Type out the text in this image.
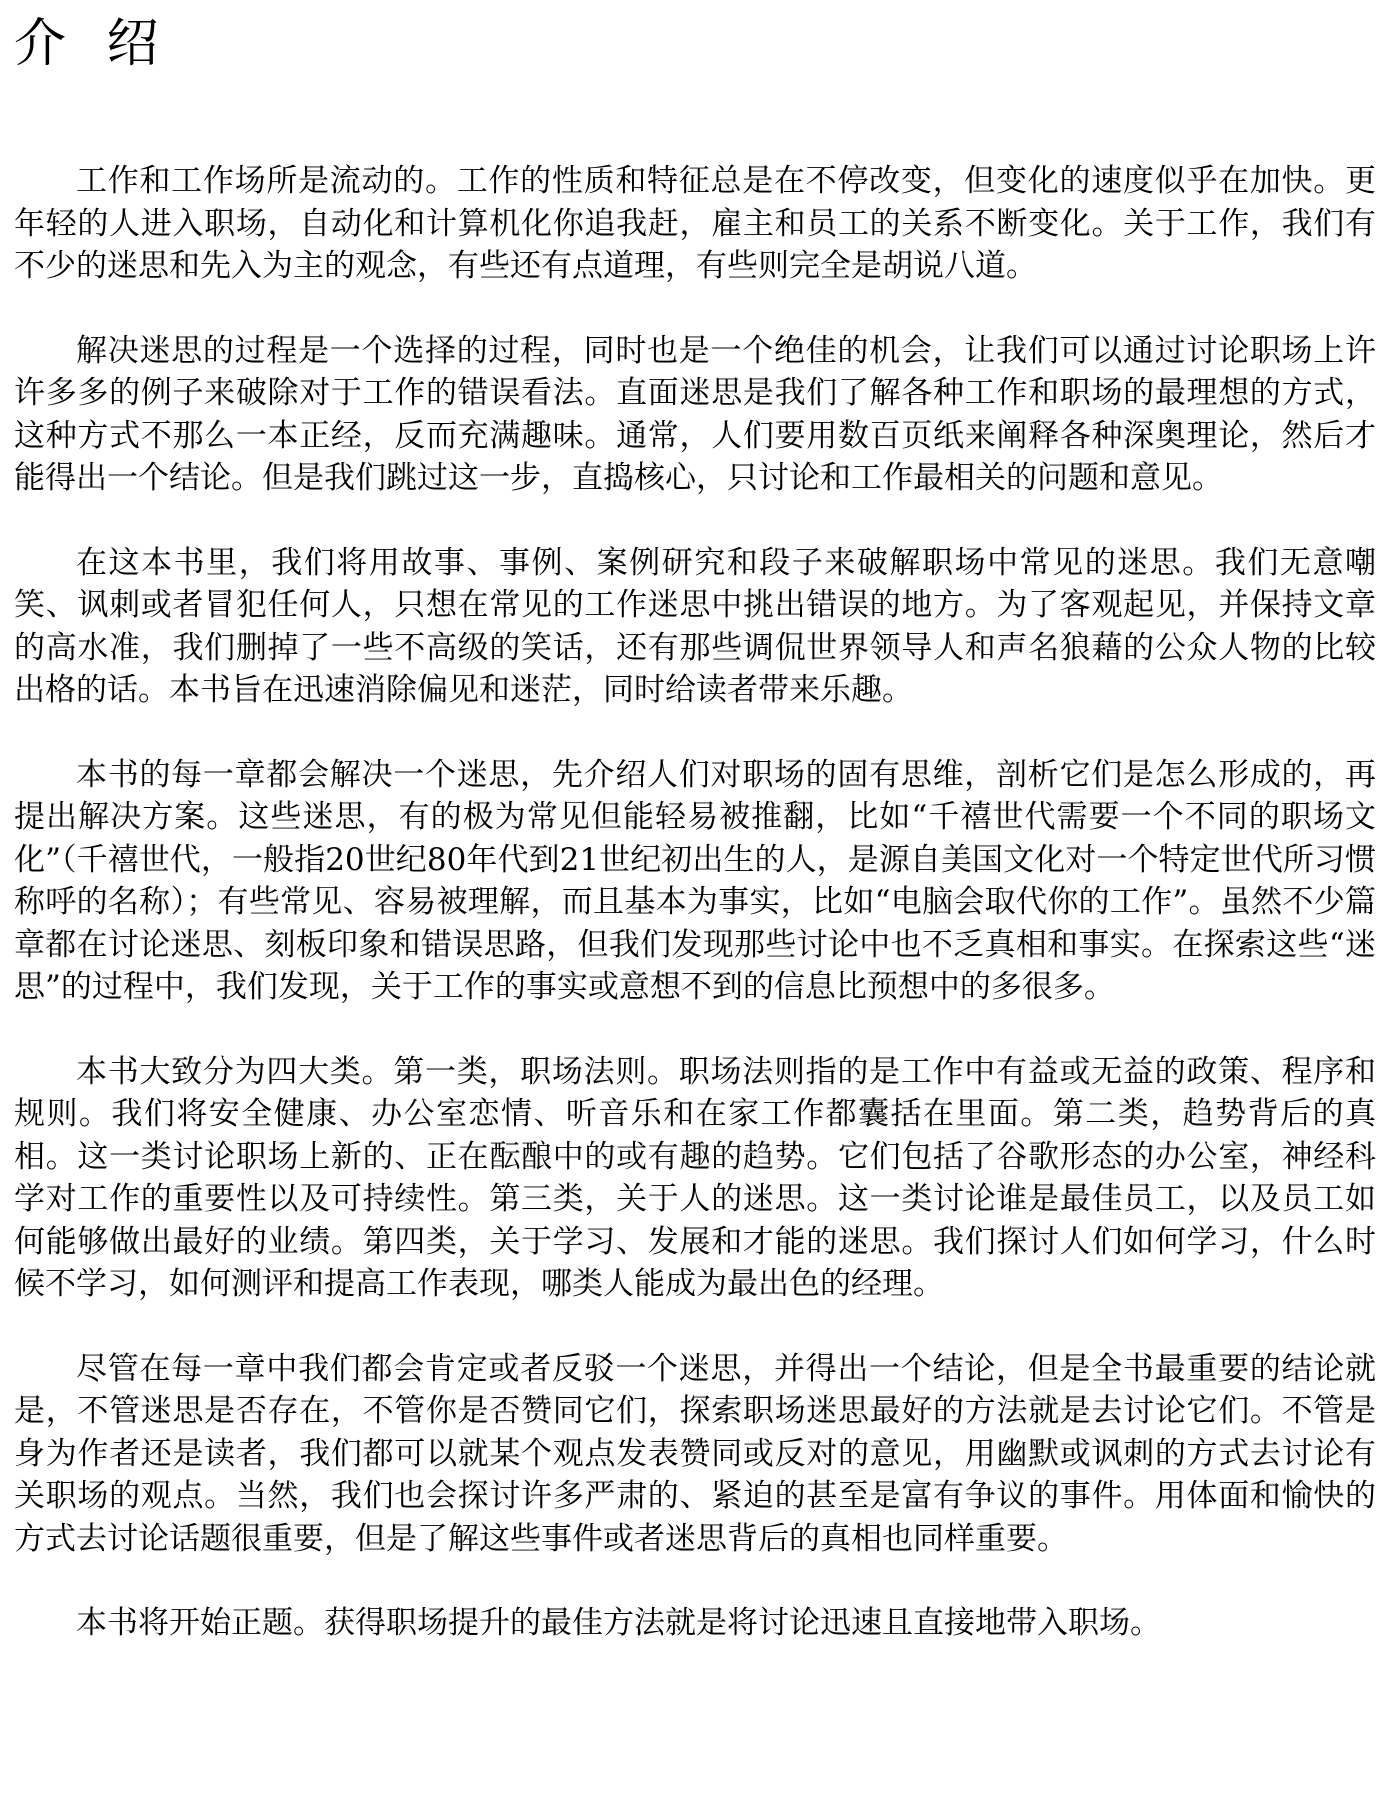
介 绍

工作和工作场所是流动的。工作的性质和特征总是在不停改变，但变化的速度似乎在加快。更年轻的人进入职场，自动化和计算机化你追我赶，雇主和员工的关系不断变化。关于工作，我们有不少的迷思和先入为主的观念，有些还有点道理，有些则完全是胡说八道。

解决迷思的过程是一个选择的过程，同时也是一个绝佳的机会，让我们可以通过讨论职场上许许多多的例子来破除对于工作的错误看法。直面迷思是我们了解各种工作和职场的最理想的方式，这种方式不那么一本正经，反而充满趣味。通常，人们要用数百页纸来阐释各种深奥理论，然后才能得出一个结论。但是我们跳过这一步，直捣核心，只讨论和工作最相关的问题和意见。

在这本书里，我们将用故事、事例、案例研究和段子来破解职场中常见的迷思。我们无意嘲笑、讽刺或者冒犯任何人，只想在常见的工作迷思中挑出错误的地方。为了客观起见，并保持文章的高水准，我们删掉了一些不高级的笑话，还有那些调侃世界领导人和声名狼藉的公众人物的比较出格的话。本书旨在迅速消除偏见和迷茫，同时给读者带来乐趣。

本书的每一章都会解决一个迷思，先介绍人们对职场的固有思维，剖析它们是怎么形成的，再提出解决方案。这些迷思，有的极为常见但能轻易被推翻，比如“千禧世代需要一个不同的职场文化”（千禧世代，一般指20世纪80年代到21世纪初出生的人，是源自美国文化对一个特定世代所习惯称呼的名称）；有些常见、容易被理解，而且基本为事实，比如“电脑会取代你的工作”。虽然不少篇章都在讨论迷思、刻板印象和错误思路，但我们发现那些讨论中也不乏真相和事实。在探索这些“迷思”的过程中，我们发现，关于工作的事实或意想不到的信息比预想中的多很多。

本书大致分为四大类。第一类，职场法则。职场法则指的是工作中有益或无益的政策、程序和规则。我们将安全健康、办公室恋情、听音乐和在家工作都囊括在里面。第二类，趋势背后的真相。这一类讨论职场上新的、正在酝酿中的或有趣的趋势。它们包括了谷歌形态的办公室，神经科学对工作的重要性以及可持续性。第三类，关于人的迷思。这一类讨论谁是最佳员工，以及员工如何能够做出最好的业绩。第四类，关于学习、发展和才能的迷思。我们探讨人们如何学习，什么时候不学习，如何测评和提高工作表现，哪类人能成为最出色的经理。

尽管在每一章中我们都会肯定或者反驳一个迷思，并得出一个结论，但是全书最重要的结论就是，不管迷思是否存在，不管你是否赞同它们，探索职场迷思最好的方法就是去讨论它们。不管是身为作者还是读者，我们都可以就某个观点发表赞同或反对的意见，用幽默或讽刺的方式去讨论有关职场的观点。当然，我们也会探讨许多严肃的、紧迫的甚至是富有争议的事件。用体面和愉快的方式去讨论话题很重要，但是了解这些事件或者迷思背后的真相也同样重要。

本书将开始正题。获得职场提升的最佳方法就是将讨论迅速且直接地带入职场。
